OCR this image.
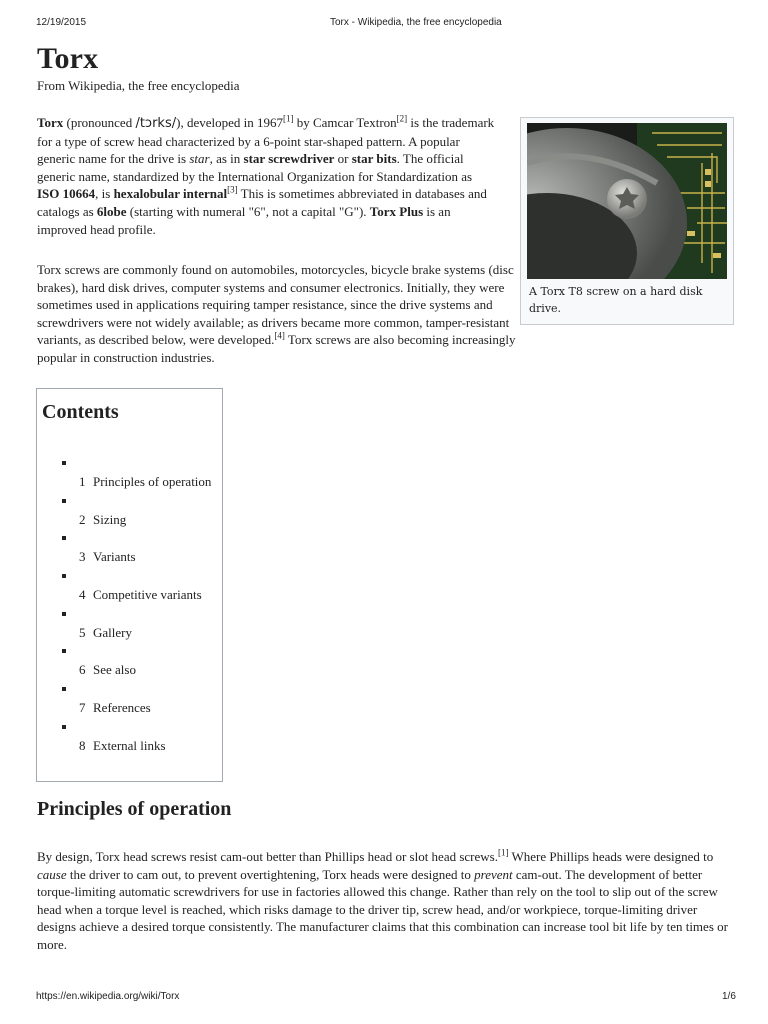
12/19/2015	Torx - Wikipedia, the free encyclopedia
Torx
From Wikipedia, the free encyclopedia

Torx (pronounced /tɔrks/), developed in 1967[1] by Camcar Textron[2] is the trademark for a type of screw head characterized by a 6-point star-shaped pattern. A popular generic name for the drive is star, as in star screwdriver or star bits. The official generic name, standardized by the International Organization for Standardization as ISO 10664, is hexalobular internal[3] This is sometimes abbreviated in databases and catalogs as 6lobe (starting with numeral "6", not a capital "G"). Torx Plus is an improved head profile.

A Torx T8 screw on a hard disk drive.

Torx screws are commonly found on automobiles, motorcycles, bicycle brake systems (disc brakes), hard disk drives, computer systems and consumer electronics. Initially, they were sometimes used in applications requiring tamper resistance, since the drive systems and screwdrivers were not widely available; as drivers became more common, tamper-resistant variants, as described below, were developed.[4] Torx screws are also becoming increasingly popular in construction industries.

Contents
1 Principles of operation
2 Sizing
3 Variants
4 Competitive variants
5 Gallery
6 See also
7 References
8 External links
Principles of operation

By design, Torx head screws resist cam-out better than Phillips head or slot head screws.[1] Where Phillips heads were designed to cause the driver to cam out, to prevent overtightening, Torx heads were designed to prevent cam-out. The development of better torque-limiting automatic screwdrivers for use in factories allowed this change. Rather than rely on the tool to slip out of the screw head when a torque level is reached, which risks damage to the driver tip, screw head, and/or workpiece, torque-limiting driver designs achieve a desired torque consistently. The manufacturer claims that this combination can increase tool bit life by ten times or more.

https://en.wikipedia.org/wiki/Torx	1/6
